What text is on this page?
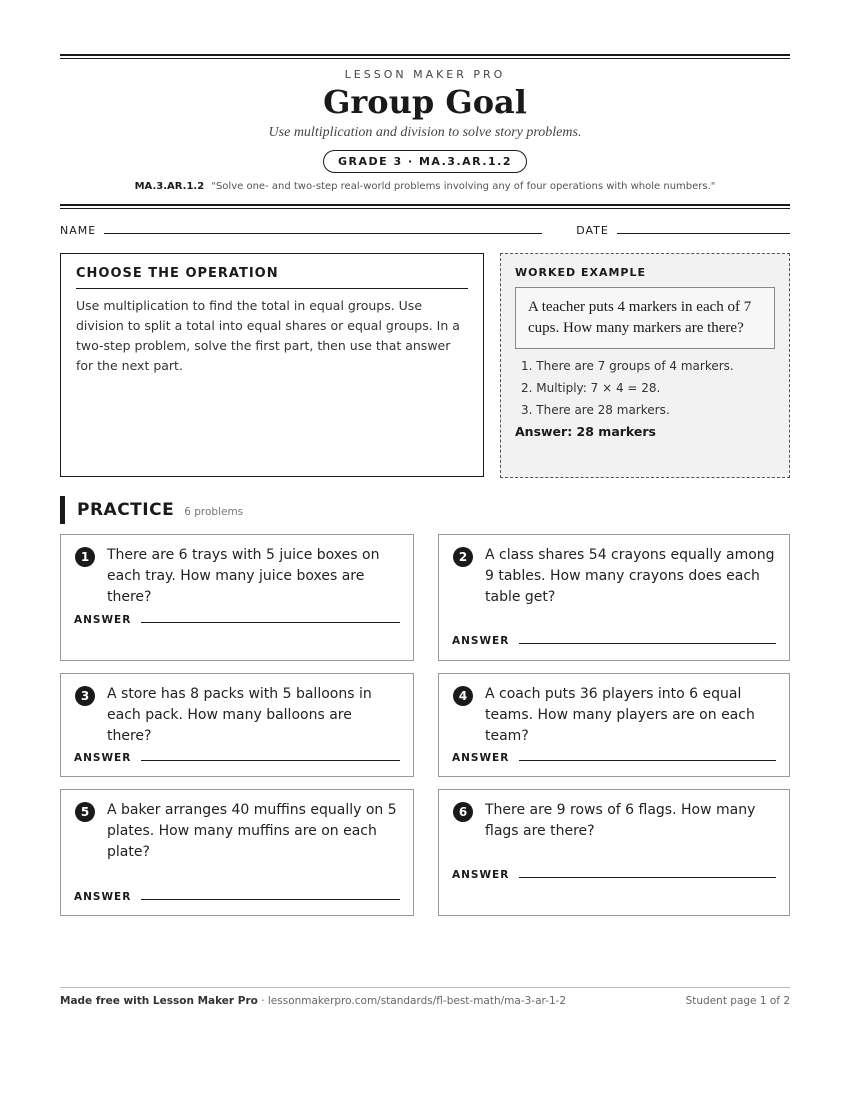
LESSON MAKER PRO
Group Goal
Use multiplication and division to solve story problems.
GRADE 3 · MA.3.AR.1.2
MA.3.AR.1.2 "Solve one- and two-step real-world problems involving any of four operations with whole numbers."
NAME	DATE
CHOOSE THE OPERATION

Use multiplication to find the total in equal groups. Use division to split a total into equal shares or equal groups. In a two-step problem, solve the first part, then use that answer for the next part.

WORKED EXAMPLE
A teacher puts 4 markers in each of 7 cups. How many markers are there?
1. There are 7 groups of 4 markers.
2. Multiply: 7 × 4 = 28.
3. There are 28 markers.
Answer: 28 markers
PRACTICE 6 problems
1	There are 6 trays with 5 juice boxes on each tray. How many juice boxes are there?
ANSWER
2	A class shares 54 crayons equally among 9 tables. How many crayons does each table get?
ANSWER
3	A store has 8 packs with 5 balloons in each pack. How many balloons are there?
ANSWER
4	A coach puts 36 players into 6 equal teams. How many players are on each team?
ANSWER
5	A baker arranges 40 muffins equally on 5 plates. How many muffins are on each plate?
ANSWER
6	There are 9 rows of 6 flags. How many flags are there?
ANSWER
Made free with Lesson Maker Pro · lessonmakerpro.com/standards/fl-best-math/ma-3-ar-1-2	Student page 1 of 2
